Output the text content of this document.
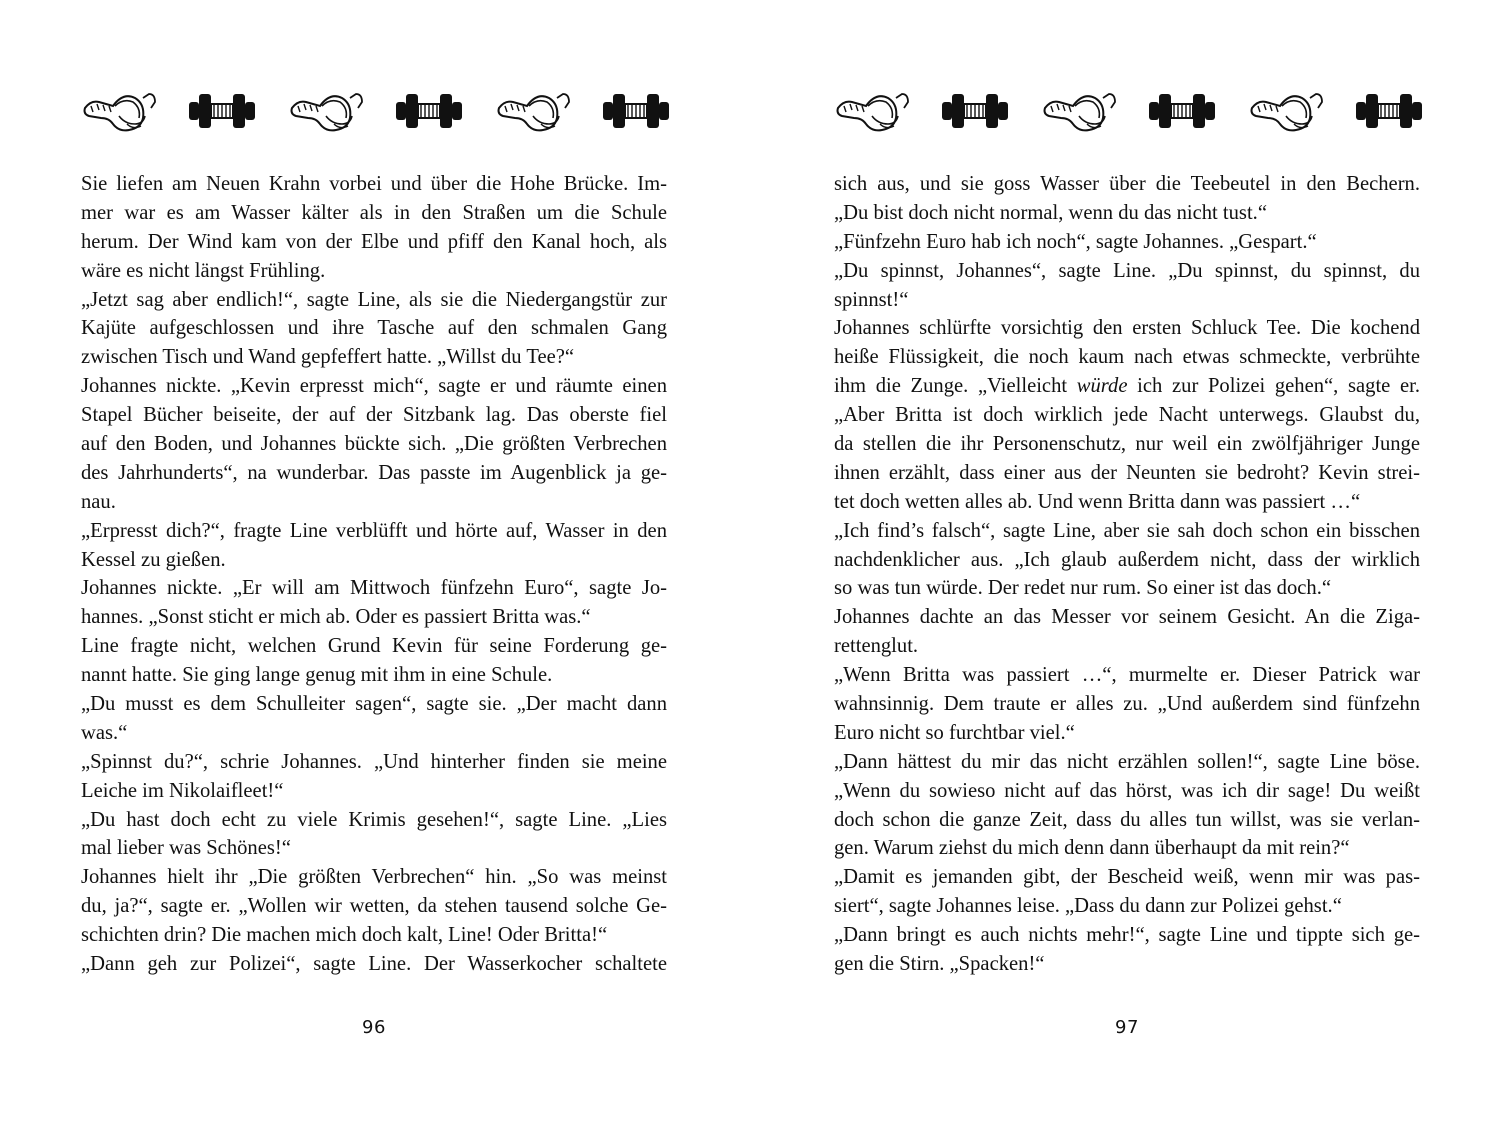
Sie liefen am Neuen Krahn vorbei und über die Hohe Brücke. Im-
mer war es am Wasser kälter als in den Straßen um die Schule
herum. Der Wind kam von der Elbe und pfiff den Kanal hoch, als
wäre es nicht längst Frühling.
„Jetzt sag aber endlich!“, sagte Line, als sie die Niedergangstür zur
Kajüte aufgeschlossen und ihre Tasche auf den schmalen Gang
zwischen Tisch und Wand gepfeffert hatte. „Willst du Tee?“
Johannes nickte. „Kevin erpresst mich“, sagte er und räumte einen
Stapel Bücher beiseite, der auf der Sitzbank lag. Das oberste fiel
auf den Boden, und Johannes bückte sich. „Die größten Verbrechen
des Jahrhunderts“, na wunderbar. Das passte im Augenblick ja ge-
nau.
„Erpresst dich?“, fragte Line verblüfft und hörte auf, Wasser in den
Kessel zu gießen.
Johannes nickte. „Er will am Mittwoch fünfzehn Euro“, sagte Jo-
hannes. „Sonst sticht er mich ab. Oder es passiert Britta was.“
Line fragte nicht, welchen Grund Kevin für seine Forderung ge-
nannt hatte. Sie ging lange genug mit ihm in eine Schule.
„Du musst es dem Schulleiter sagen“, sagte sie. „Der macht dann
was.“
„Spinnst du?“, schrie Johannes. „Und hinterher finden sie meine
Leiche im Nikolaifleet!“
„Du hast doch echt zu viele Krimis gesehen!“, sagte Line. „Lies
mal lieber was Schönes!“
Johannes hielt ihr „Die größten Verbrechen“ hin. „So was meinst
du, ja?“, sagte er. „Wollen wir wetten, da stehen tausend solche Ge-
schichten drin? Die machen mich doch kalt, Line! Oder Britta!“
„Dann geh zur Polizei“, sagte Line. Der Wasserkocher schaltete
96
sich aus, und sie goss Wasser über die Teebeutel in den Bechern.
„Du bist doch nicht normal, wenn du das nicht tust.“
„Fünfzehn Euro hab ich noch“, sagte Johannes. „Gespart.“
„Du spinnst, Johannes“, sagte Line. „Du spinnst, du spinnst, du
spinnst!“
Johannes schlürfte vorsichtig den ersten Schluck Tee. Die kochend
heiße Flüssigkeit, die noch kaum nach etwas schmeckte, verbrühte
ihm die Zunge. „Vielleicht würde ich zur Polizei gehen“, sagte er.
„Aber Britta ist doch wirklich jede Nacht unterwegs. Glaubst du,
da stellen die ihr Personenschutz, nur weil ein zwölfjähriger Junge
ihnen erzählt, dass einer aus der Neunten sie bedroht? Kevin strei-
tet doch wetten alles ab. Und wenn Britta dann was passiert …“
„Ich find’s falsch“, sagte Line, aber sie sah doch schon ein bisschen
nachdenklicher aus. „Ich glaub außerdem nicht, dass der wirklich
so was tun würde. Der redet nur rum. So einer ist das doch.“
Johannes dachte an das Messer vor seinem Gesicht. An die Ziga-
rettenglut.
„Wenn Britta was passiert …“, murmelte er. Dieser Patrick war
wahnsinnig. Dem traute er alles zu. „Und außerdem sind fünfzehn
Euro nicht so furchtbar viel.“
„Dann hättest du mir das nicht erzählen sollen!“, sagte Line böse.
„Wenn du sowieso nicht auf das hörst, was ich dir sage! Du weißt
doch schon die ganze Zeit, dass du alles tun willst, was sie verlan-
gen. Warum ziehst du mich denn dann überhaupt da mit rein?“
„Damit es jemanden gibt, der Bescheid weiß, wenn mir was pas-
siert“, sagte Johannes leise. „Dass du dann zur Polizei gehst.“
„Dann bringt es auch nichts mehr!“, sagte Line und tippte sich ge-
gen die Stirn. „Spacken!“
97
